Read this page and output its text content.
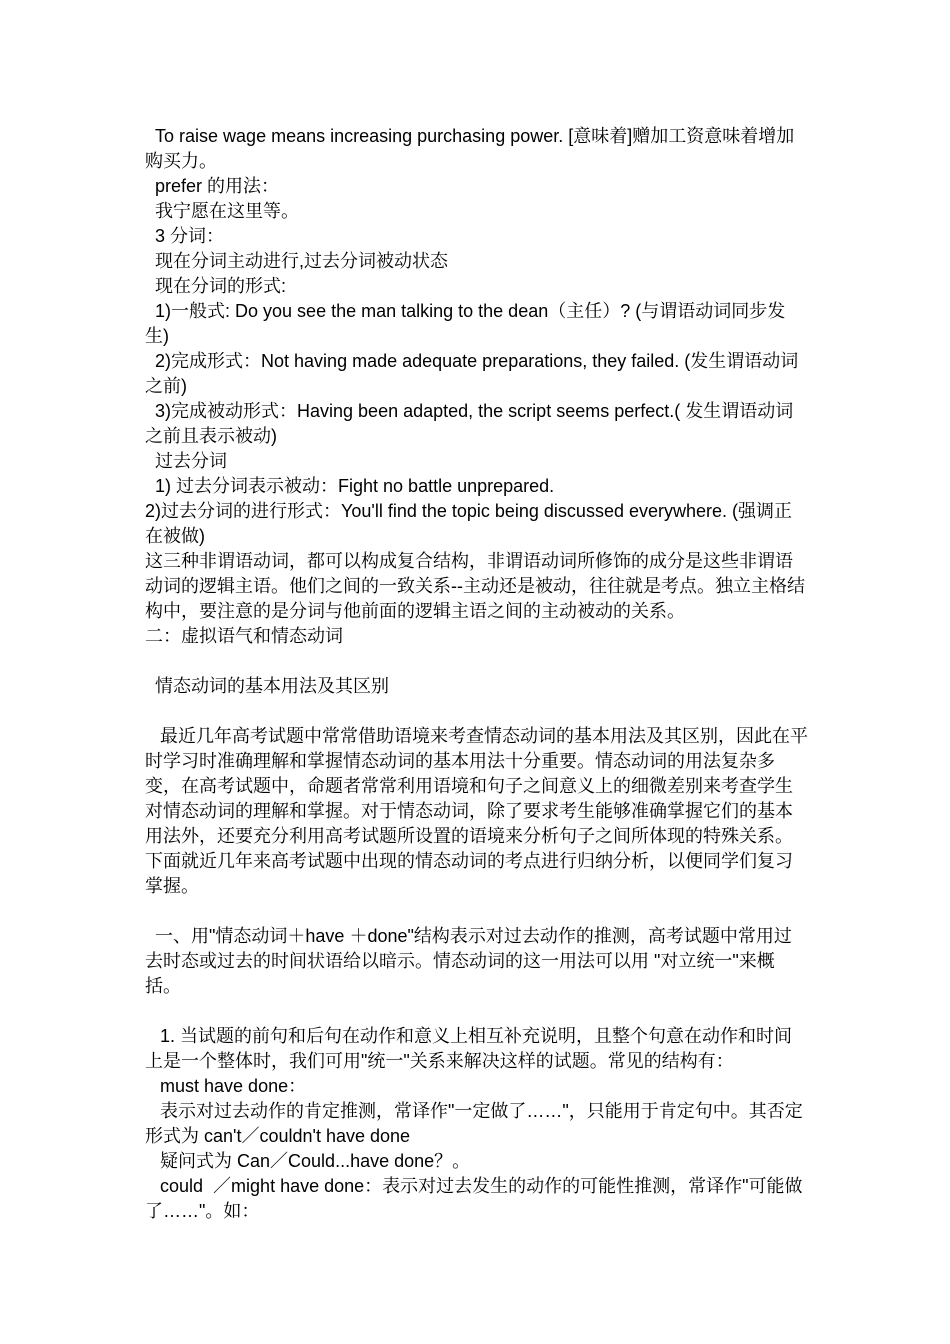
To raise wage means increasing purchasing power. [意味着]赠加工资意味着增加购买力。

prefer 的用法：

我宁愿在这里等。

3 分词：

现在分词主动进行,过去分词被动状态

现在分词的形式:

1)一般式: Do you see the man talking to the dean（主任）? (与谓语动词同步发生)

2)完成形式：Not having made adequate preparations, they failed. (发生谓语动词之前)

3)完成被动形式：Having been adapted, the script seems perfect.( 发生谓语动词之前且表示被动)

过去分词

1) 过去分词表示被动：Fight no battle unprepared.

2)过去分词的进行形式：You'll find the topic being discussed everywhere. (强调正在被做)

这三种非谓语动词，都可以构成复合结构，非谓语动词所修饰的成分是这些非谓语动词的逻辑主语。他们之间的一致关系--主动还是被动，往往就是考点。独立主格结构中，要注意的是分词与他前面的逻辑主语之间的主动被动的关系。

二：虚拟语气和情态动词

情态动词的基本用法及其区别

最近几年高考试题中常常借助语境来考查情态动词的基本用法及其区别，因此在平时学习时准确理解和掌握情态动词的基本用法十分重要。情态动词的用法复杂多变，在高考试题中，命题者常常利用语境和句子之间意义上的细微差别来考查学生对情态动词的理解和掌握。对于情态动词，除了要求考生能够准确掌握它们的基本用法外，还要充分利用高考试题所设置的语境来分析句子之间所体现的特殊关系。下面就近几年来高考试题中出现的情态动词的考点进行归纳分析，以便同学们复习掌握。

一、用"情态动词＋have ＋done"结构表示对过去动作的推测，高考试题中常用过去时态或过去的时间状语给以暗示。情态动词的这一用法可以用 "对立统一"来概括。

1. 当试题的前句和后句在动作和意义上相互补充说明，且整个句意在动作和时间上是一个整体时，我们可用"统一"关系来解决这样的试题。常见的结构有：

must have done：

表示对过去动作的肯定推测，常译作"一定做了……"，只能用于肯定句中。其否定形式为 can't／couldn't have done

疑问式为 Can／Could...have done？。

could  ／might have done：表示对过去发生的动作的可能性推测，常译作"可能做了……"。如：
